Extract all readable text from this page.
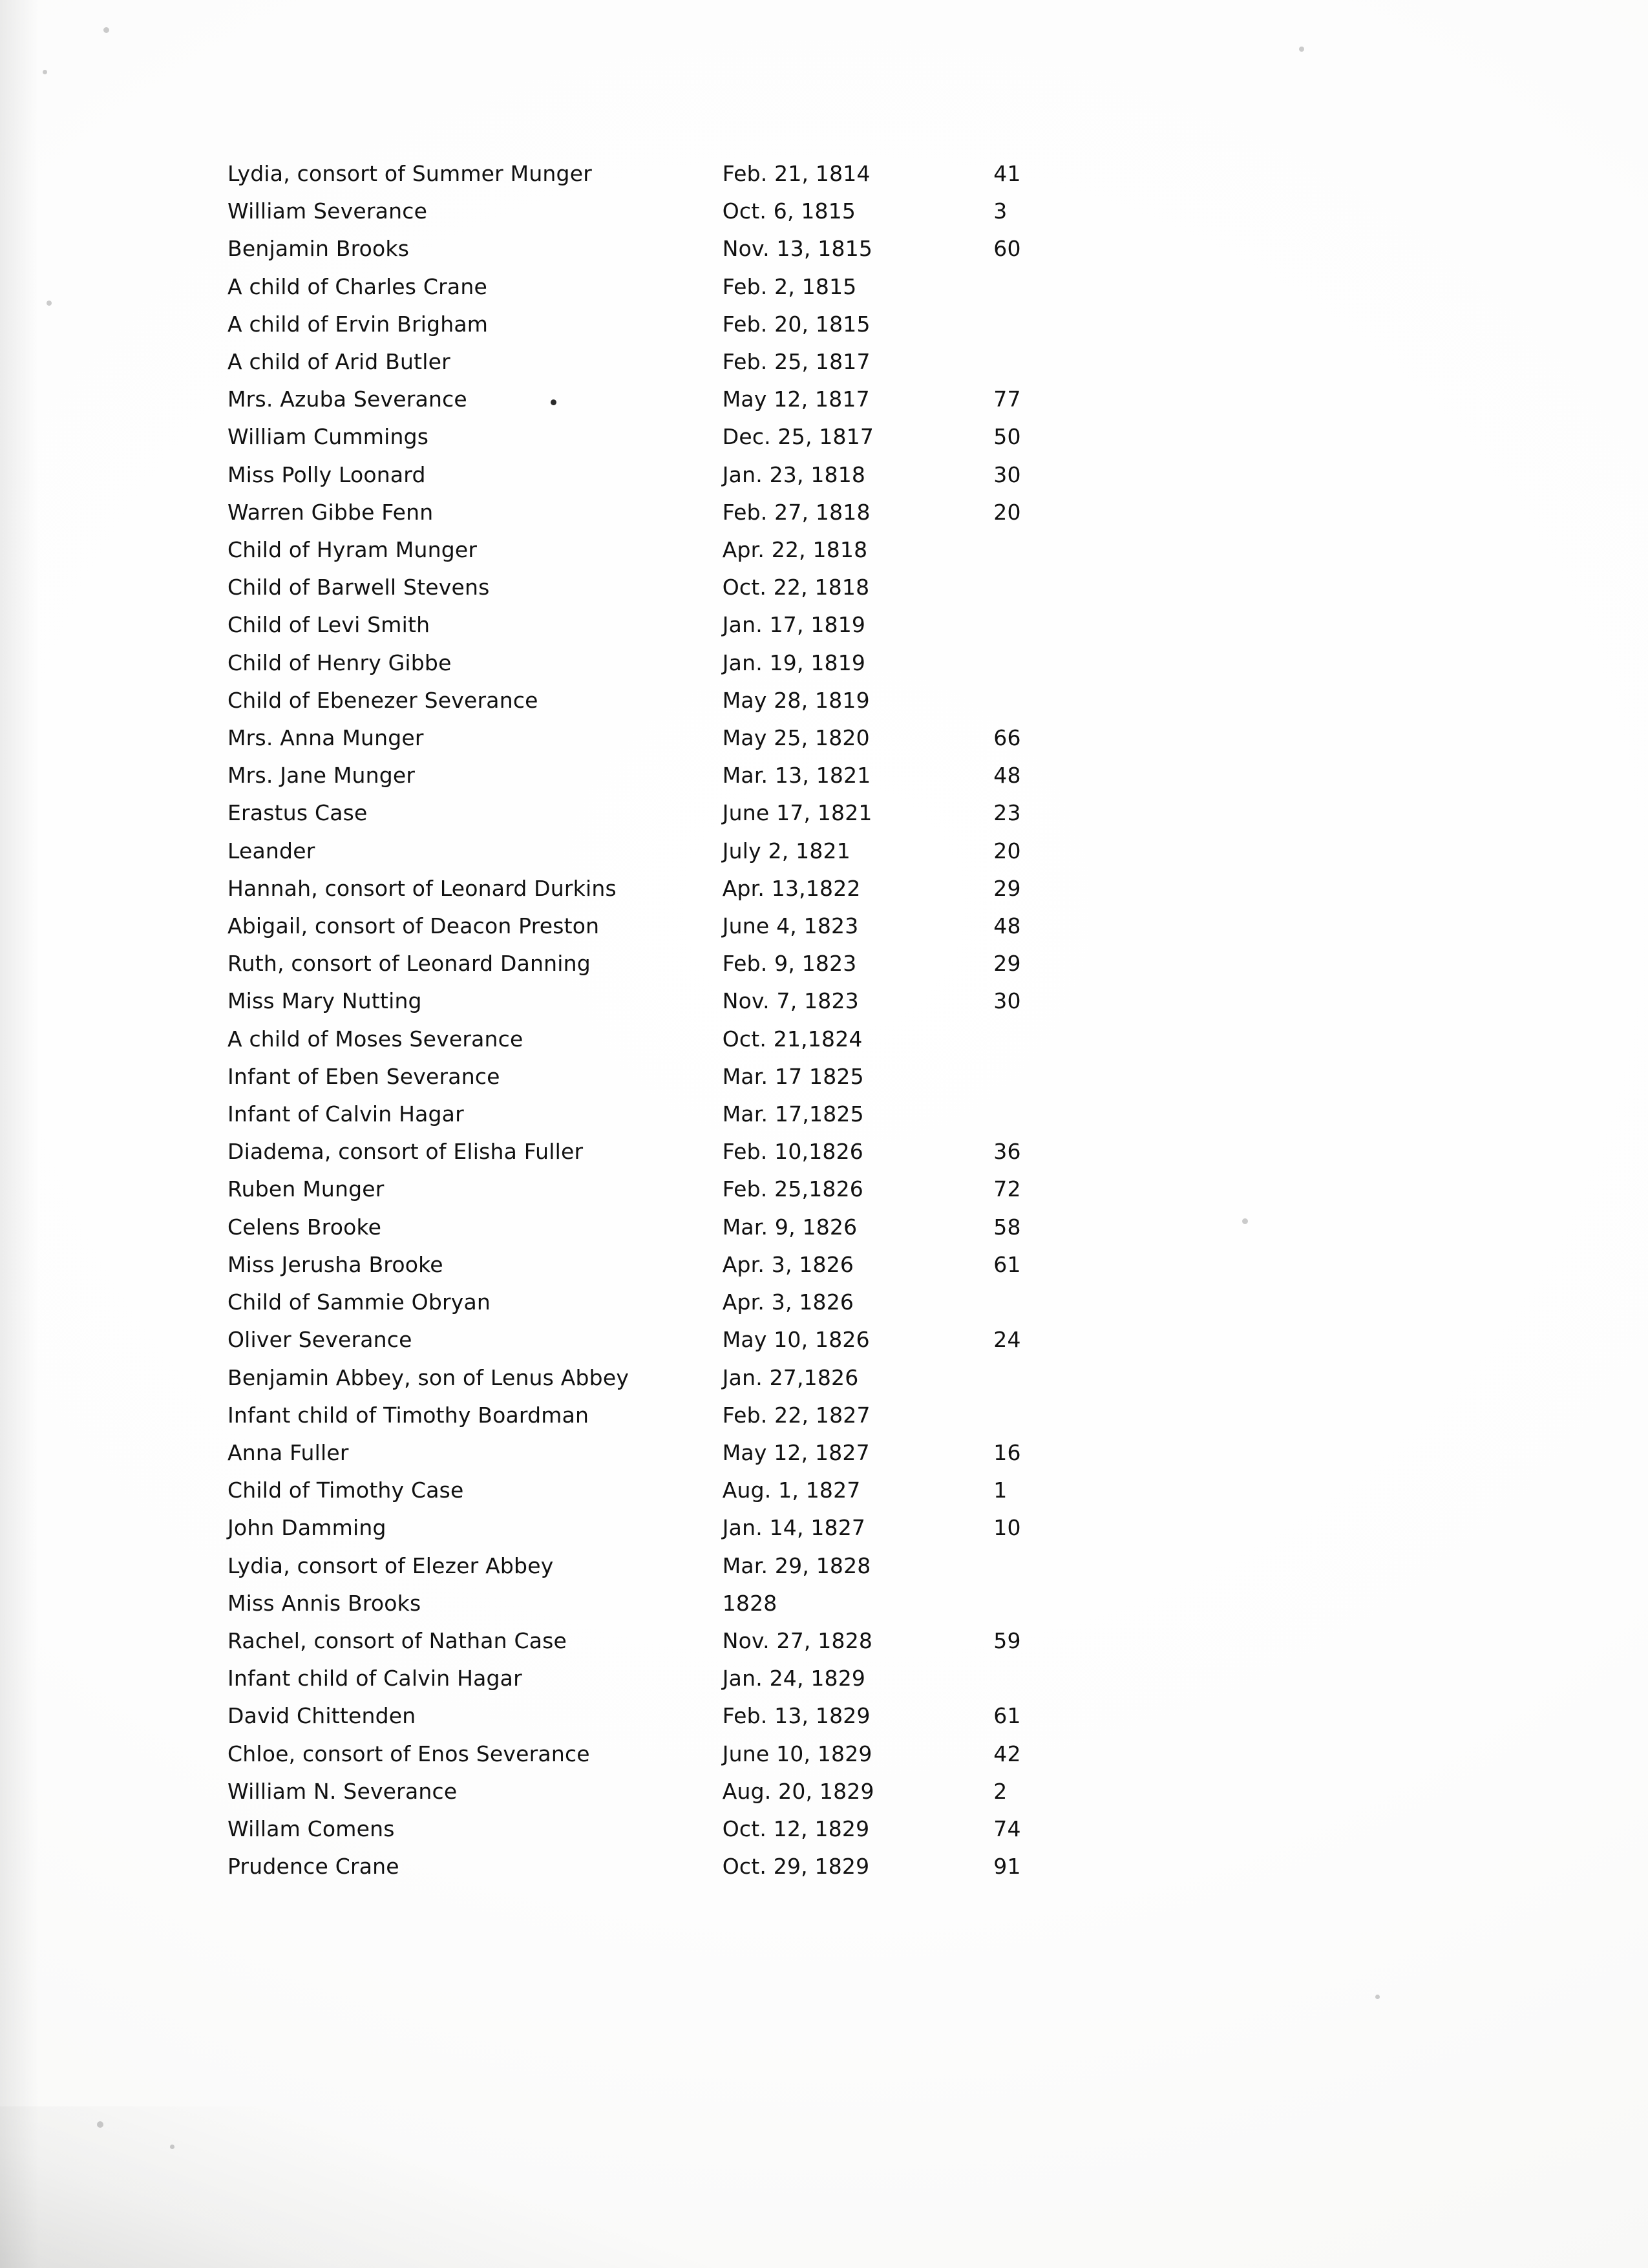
Lydia, consort of Summer Munger	Feb. 21, 1814	41
William Severance	Oct. 6, 1815	3
Benjamin Brooks	Nov. 13, 1815	60
A child of Charles Crane	Feb. 2, 1815	
A child of Ervin Brigham	Feb. 20, 1815	
A child of Arid Butler	Feb. 25, 1817	
Mrs. Azuba Severance	May 12, 1817	77
William Cummings	Dec. 25, 1817	50
Miss Polly Loonard	Jan. 23, 1818	30
Warren Gibbe Fenn	Feb. 27, 1818	20
Child of Hyram Munger	Apr. 22, 1818	
Child of Barwell Stevens	Oct. 22, 1818	
Child of Levi Smith	Jan. 17, 1819	
Child of Henry Gibbe	Jan. 19, 1819	
Child of Ebenezer Severance	May 28, 1819	
Mrs. Anna Munger	May 25, 1820	66
Mrs. Jane Munger	Mar. 13, 1821	48
Erastus Case	June 17, 1821	23
Leander	July 2, 1821	20
Hannah, consort of Leonard Durkins	Apr. 13,1822	29
Abigail, consort of Deacon Preston	June 4, 1823	48
Ruth, consort of Leonard Danning	Feb. 9, 1823	29
Miss Mary Nutting	Nov. 7, 1823	30
A child of Moses Severance	Oct. 21,1824	
Infant of Eben Severance	Mar. 17 1825	
Infant of Calvin Hagar	Mar. 17,1825	
Diadema, consort of Elisha Fuller	Feb. 10,1826	36
Ruben Munger	Feb. 25,1826	72
Celens Brooke	Mar. 9, 1826	58
Miss Jerusha Brooke	Apr. 3, 1826	61
Child of Sammie Obryan	Apr. 3, 1826	
Oliver Severance	May 10, 1826	24
Benjamin Abbey, son of Lenus Abbey	Jan. 27,1826	
Infant child of Timothy Boardman	Feb. 22, 1827	
Anna Fuller	May 12, 1827	16
Child of Timothy Case	Aug. 1, 1827	1
John Damming	Jan. 14, 1827	10
Lydia, consort of Elezer Abbey	Mar. 29, 1828	
Miss Annis Brooks	1828	
Rachel, consort of Nathan Case	Nov. 27, 1828	59
Infant child of Calvin Hagar	Jan. 24, 1829	
David Chittenden	Feb. 13, 1829	61
Chloe, consort of Enos Severance	June 10, 1829	42
William N. Severance	Aug. 20, 1829	2
Willam Comens	Oct. 12, 1829	74
Prudence Crane	Oct. 29, 1829	91
